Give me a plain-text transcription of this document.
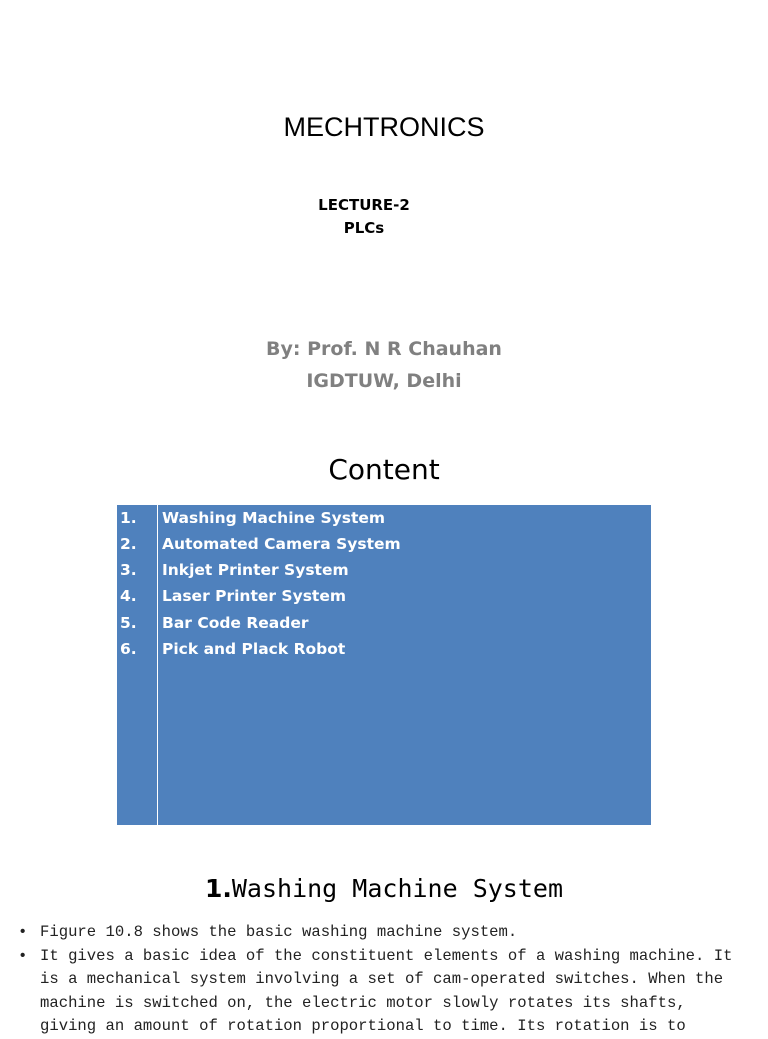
MECHTRONICS
LECTURE-2
PLCs
By: Prof. N R Chauhan
IGDTUW, Delhi
Content
1. Washing Machine System
2. Automated Camera System
3. Inkjet Printer System
4. Laser Printer System
5. Bar Code Reader
6. Pick and Plack Robot
1.Washing Machine System

• Figure 10.8 shows the basic washing machine system.

• It gives a basic idea of the constituent elements of a washing machine. It is a mechanical system involving a set of cam-operated switches. When the machine is switched on, the electric motor slowly rotates its shafts, giving an amount of rotation proportional to time. Its rotation ​​is to
